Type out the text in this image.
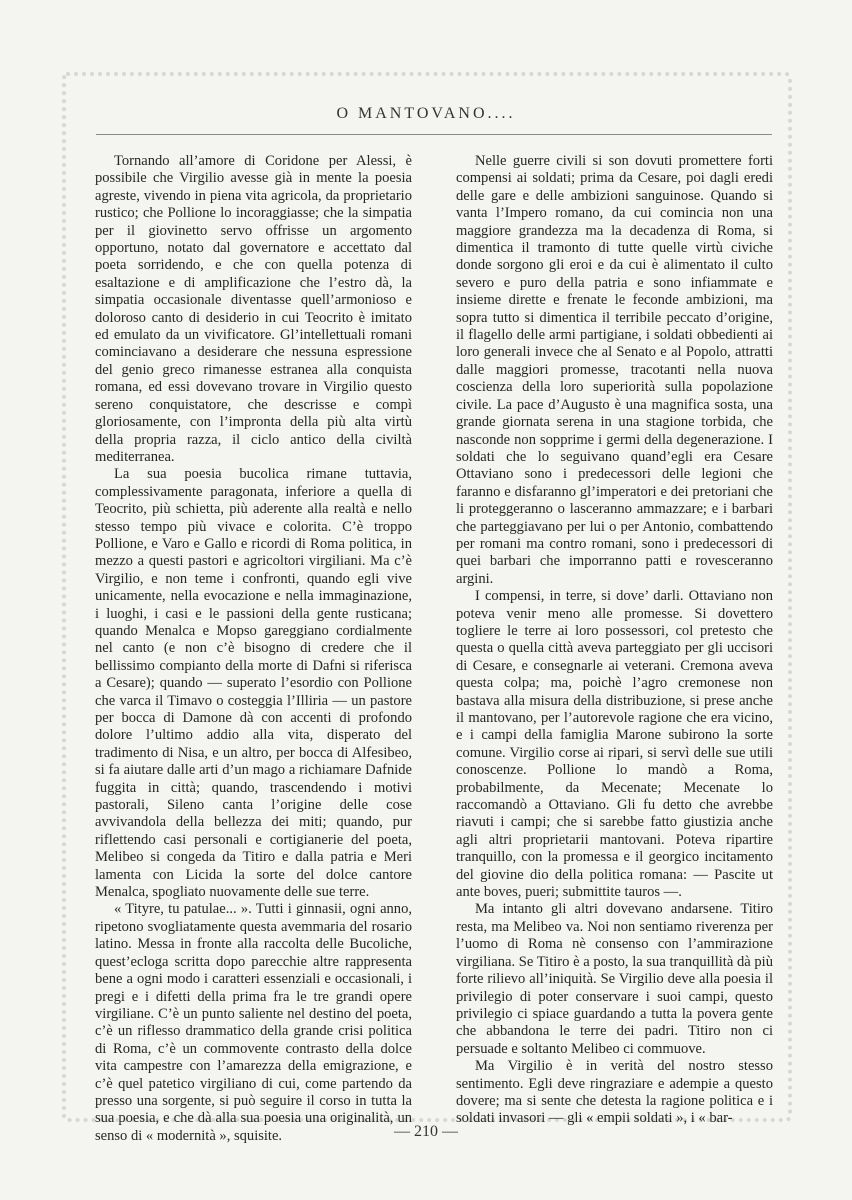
O MANTOVANO....

Tornando all’amore di Coridone per Alessi, è possibile che Virgilio avesse già in mente la poesia agreste, vivendo in piena vita agricola, da proprietario rustico; che Pollione lo incoraggiasse; che la simpatia per il giovinetto servo offrisse un argomento opportuno, notato dal governatore e accettato dal poeta sorridendo, e che con quella potenza di esaltazione e di amplificazione che l’estro dà, la simpatia occasionale diventasse quell’armonioso e doloroso canto di desiderio in cui Teocrito è imitato ed emulato da un vivificatore. Gl’intellettuali romani cominciavano a desiderare che nessuna espressione del genio greco rimanesse estranea alla conquista romana, ed essi dovevano trovare in Virgilio questo sereno conquistatore, che descrisse e compì gloriosamente, con l’impronta della più alta virtù della propria razza, il ciclo antico della civiltà mediterranea.

La sua poesia bucolica rimane tuttavia, complessivamente paragonata, inferiore a quella di Teocrito, più schietta, più aderente alla realtà e nello stesso tempo più vivace e colorita. C’è troppo Pollione, e Varo e Gallo e ricordi di Roma politica, in mezzo a questi pastori e agricoltori virgiliani. Ma c’è Virgilio, e non teme i confronti, quando egli vive unicamente, nella evocazione e nella immaginazione, i luoghi, i casi e le passioni della gente rusticana; quando Menalca e Mopso gareggiano cordialmente nel canto (e non c’è bisogno di credere che il bellissimo compianto della morte di Dafni si riferisca a Cesare); quando — superato l’esordio con Pollione che varca il Timavo o costeggia l’Illiria — un pastore per bocca di Damone dà con accenti di profondo dolore l’ultimo addio alla vita, disperato del tradimento di Nisa, e un altro, per bocca di Alfesibeo, si fa aiutare dalle arti d’un mago a richiamare Dafnide fuggita in città; quando, trascendendo i motivi pastorali, Sileno canta l’origine delle cose avvivandola della bellezza dei miti; quando, pur riflettendo casi personali e cortigianerie del poeta, Melibeo si congeda da Titiro e dalla patria e Meri lamenta con Licida la sorte del dolce cantore Menalca, spogliato nuovamente delle sue terre.

« Tityre, tu patulae... ». Tutti i ginnasii, ogni anno, ripetono svogliatamente questa avemmaria del rosario latino. Messa in fronte alla raccolta delle Bucoliche, quest’ecloga scritta dopo parecchie altre rappresenta bene a ogni modo i caratteri essenziali e occasionali, i pregi e i difetti della prima fra le tre grandi opere virgiliane. C’è un punto saliente nel destino del poeta, c’è un riflesso drammatico della grande crisi politica di Roma, c’è un commovente contrasto della dolce vita campestre con l’amarezza della emigrazione, e c’è quel patetico virgiliano di cui, come partendo da presso una sorgente, si può seguire il corso in tutta la sua poesia, e che dà alla sua poesia una originalità, un senso di « modernità », squisite.

Nelle guerre civili si son dovuti promettere forti compensi ai soldati; prima da Cesare, poi dagli eredi delle gare e delle ambizioni sanguinose. Quando si vanta l’Impero romano, da cui comincia non una maggiore grandezza ma la decadenza di Roma, si dimentica il tramonto di tutte quelle virtù civiche donde sorgono gli eroi e da cui è alimentato il culto severo e puro della patria e sono infiammate e insieme dirette e frenate le feconde ambizioni, ma sopra tutto si dimentica il terribile peccato d’origine, il flagello delle armi partigiane, i soldati obbedienti ai loro generali invece che al Senato e al Popolo, attratti dalle maggiori promesse, tracotanti nella nuova coscienza della loro superiorità sulla popolazione civile. La pace d’Augusto è una magnifica sosta, una grande giornata serena in una stagione torbida, che nasconde non sopprime i germi della degenerazione. I soldati che lo seguivano quand’egli era Cesare Ottaviano sono i predecessori delle legioni che faranno e disfaranno gl’imperatori e dei pretoriani che li proteggeranno o lasceranno ammazzare; e i barbari che parteggiavano per lui o per Antonio, combattendo per romani ma contro romani, sono i predecessori di quei barbari che imporranno patti e rovesceranno argini.

I compensi, in terre, si dove’ darli. Ottaviano non poteva venir meno alle promesse. Si dovettero togliere le terre ai loro possessori, col pretesto che questa o quella città aveva parteggiato per gli uccisori di Cesare, e consegnarle ai veterani. Cremona aveva questa colpa; ma, poichè l’agro cremonese non bastava alla misura della distribuzione, si prese anche il mantovano, per l’autorevole ragione che era vicino, e i campi della famiglia Marone subirono la sorte comune. Virgilio corse ai ripari, si servì delle sue utili conoscenze. Pollione lo mandò a Roma, probabilmente, da Mecenate; Mecenate lo raccomandò a Ottaviano. Gli fu detto che avrebbe riavuti i campi; che si sarebbe fatto giustizia anche agli altri proprietarii mantovani. Poteva ripartire tranquillo, con la promessa e il georgico incitamento del giovine dio della politica romana: — Pascite ut ante boves, pueri; submittite tauros —.

Ma intanto gli altri dovevano andarsene. Titiro resta, ma Melibeo va. Noi non sentiamo riverenza per l’uomo di Roma nè consenso con l’ammirazione virgiliana. Se Titiro è a posto, la sua tranquillità dà più forte rilievo all’iniquità. Se Virgilio deve alla poesia il privilegio di poter conservare i suoi campi, questo privilegio ci spiace guardando a tutta la povera gente che abbandona le terre dei padri. Titiro non ci persuade e soltanto Melibeo ci commuove.

Ma Virgilio è in verità del nostro stesso sentimento. Egli deve ringraziare e adempie a questo dovere; ma si sente che detesta la ragione politica e i soldati invasori — gli « empii soldati », i « bar-

— 210 —
